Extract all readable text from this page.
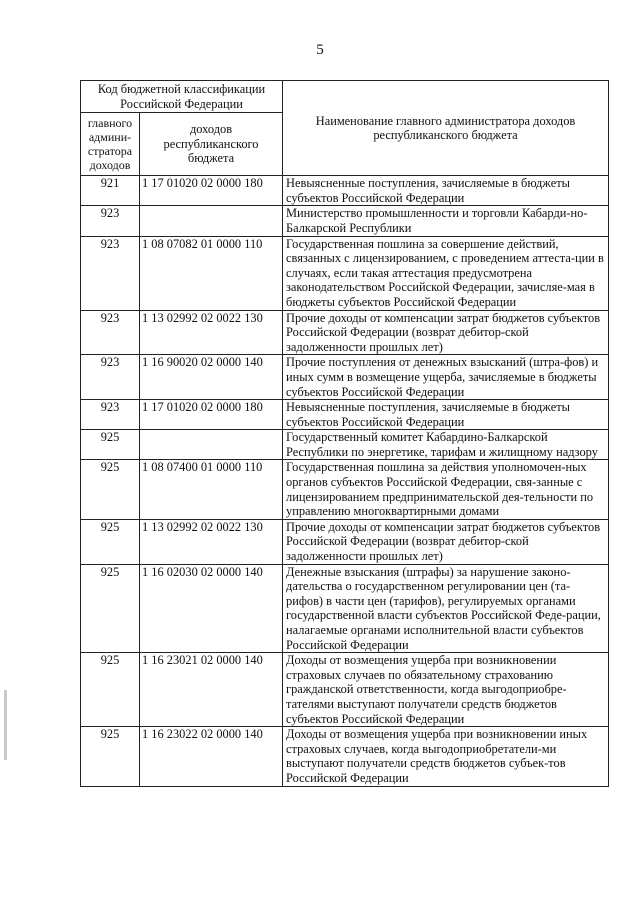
5
Код бюджетной классификации Российской Федерации		Наименование главного администратора доходов республиканского бюджета
главного админи-стратора доходов	доходов республиканского бюджета	
921	1 17 01020 02 0000 180	Невыясненные поступления, зачисляемые в бюджеты субъектов Российской Федерации
923		Министерство промышленности и торговли Кабарди-но-Балкарской Республики
923	1 08 07082 01 0000 110	Государственная пошлина за совершение действий, связанных с лицензированием, с проведением аттеста-ции в случаях, если такая аттестация предусмотрена законодательством Российской Федерации, зачисляе-мая в бюджеты субъектов Российской Федерации
923	1 13 02992 02 0022 130	Прочие доходы от компенсации затрат бюджетов субъектов Российской Федерации (возврат дебитор-ской задолженности прошлых лет)
923	1 16 90020 02 0000 140	Прочие поступления от денежных взысканий (штра-фов) и иных сумм в возмещение ущерба, зачисляемые в бюджеты субъектов Российской Федерации
923	1 17 01020 02 0000 180	Невыясненные поступления, зачисляемые в бюджеты субъектов Российской Федерации
925		Государственный комитет Кабардино-Балкарской Республики по энергетике, тарифам и жилищному надзору
925	1 08 07400 01 0000 110	Государственная пошлина за действия уполномочен-ных органов субъектов Российской Федерации, свя-занные с лицензированием предпринимательской дея-тельности по управлению многоквартирными домами
925	1 13 02992 02 0022 130	Прочие доходы от компенсации затрат бюджетов субъектов Российской Федерации (возврат дебитор-ской задолженности прошлых лет)
925	1 16 02030 02 0000 140	Денежные взыскания (штрафы) за нарушение законо-дательства о государственном регулировании цен (та-рифов) в части цен (тарифов), регулируемых органами государственной власти субъектов Российской Феде-рации, налагаемые органами исполнительной власти субъектов Российской Федерации
925	1 16 23021 02 0000 140	Доходы от возмещения ущерба при возникновении страховых случаев по обязательному страхованию гражданской ответственности, когда выгодоприобре-тателями выступают получатели средств бюджетов субъектов Российской Федерации
925	1 16 23022 02 0000 140	Доходы от возмещения ущерба при возникновении иных страховых случаев, когда выгодоприобретатели-ми выступают получатели средств бюджетов субъек-тов Российской Федерации
